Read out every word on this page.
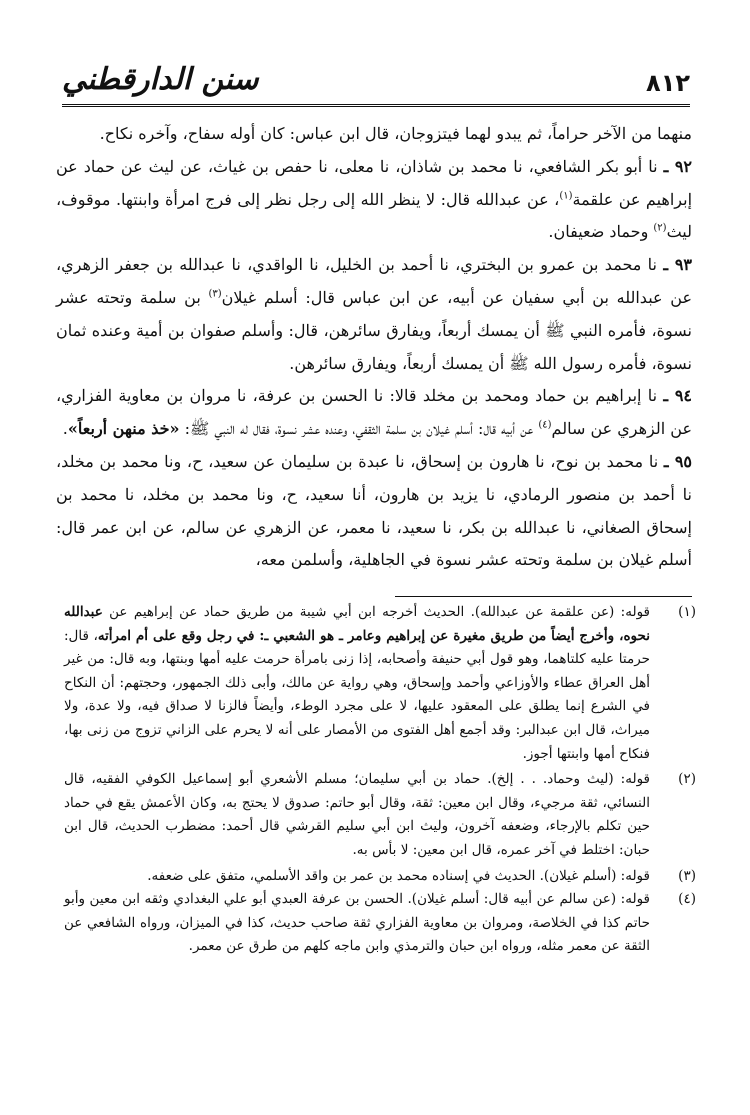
٨١٢
سنن الدارقطني

منهما من الآخر حراماً، ثم يبدو لهما فيتزوجان، قال ابن عباس: كان أوله سفاح، وآخره نكاح.

٩٢ ـ نا أبو بكر الشافعي، نا محمد بن شاذان، نا معلى، نا حفص بن غياث، عن ليث عن حماد عن إبراهيم عن علقمة$^{(١)}$، عن عبدالله قال: لا ينظر الله إلى رجل نظر إلى فرج امرأة وابنتها. موقوف، ليث$^{(٢)}$ وحماد ضعيفان.

٩٣ ـ نا محمد بن عمرو بن البختري، نا أحمد بن الخليل، نا الواقدي، نا عبدالله بن جعفر الزهري، عن عبدالله بن أبي سفيان عن أبيه، عن ابن عباس قال: أسلم غيلان$^{(٣)}$ بن سلمة وتحته عشر نسوة، فأمره النبي ﷺ أن يمسك أربعاً، ويفارق سائرهن، قال: وأسلم صفوان بن أمية وعنده ثمان نسوة، فأمره رسول الله ﷺ أن يمسك أربعاً، ويفارق سائرهن.

٩٤ ـ نا إبراهيم بن حماد ومحمد بن مخلد قالا: نا الحسن بن عرفة، نا مروان بن معاوية الفزاري، عن الزهري عن سالم$^{(٤)}$ عن أبيه قال: أسلم غيلان بن سلمة الثقفي، وعنده عشر نسوة، فقال له النبي ﷺ: «خذ منهن أربعاً».

٩٥ ـ نا محمد بن نوح، نا هارون بن إسحاق، نا عبدة بن سليمان عن سعيد، ح، ونا محمد بن مخلد، نا أحمد بن منصور الرمادي، نا يزيد بن هارون، أنا سعيد، ح، ونا محمد بن مخلد، نا محمد بن إسحاق الصغاني، نا عبدالله بن بكر، نا سعيد، نا معمر، عن الزهري عن سالم، عن ابن عمر قال: أسلم غيلان بن سلمة وتحته عشر نسوة في الجاهلية، وأسلمن معه،

(١)
قوله: (عن علقمة عن عبدالله). الحديث أخرجه ابن أبي شيبة من طريق حماد عن إبراهيم عن عبدالله نحوه، وأخرج أيضاً من طريق مغيرة عن إبراهيم وعامر ـ هو الشعبي ـ: في رجل وقع على أم امرأته، قال: حرمتا عليه كلتاهما، وهو قول أبي حنيفة وأصحابه، إذا زنى بامرأة حرمت عليه أمها وبنتها، وبه قال: من غير أهل العراق عطاء والأوزاعي وأحمد وإسحاق، وهي رواية عن مالك، وأبى ذلك الجمهور، وحجتهم: أن النكاح في الشرع إنما يطلق على المعقود عليها، لا على مجرد الوطء، وأيضاً فالزنا لا صداق فيه، ولا عدة، ولا ميراث، قال ابن عبدالبر: وقد أجمع أهل الفتوى من الأمصار على أنه لا يحرم على الزاني تزوج من زنى بها، فنكاح أمها وابنتها أجوز.
(٢)
قوله: (ليث وحماد. . . إلخ). حماد بن أبي سليمان؛ مسلم الأشعري أبو إسماعيل الكوفي الفقيه، قال النسائي، ثقة مرجيء، وقال ابن معين: ثقة، وقال أبو حاتم: صدوق لا يحتج به، وكان الأعمش يقع في حماد حين تكلم بالإرجاء، وضعفه آخرون، وليث ابن أبي سليم القرشي قال أحمد: مضطرب الحديث، قال ابن حبان: اختلط في آخر عمره، قال ابن معين: لا بأس به.
(٣)
قوله: (أسلم غيلان). الحديث في إسناده محمد بن عمر بن واقد الأسلمي، متفق على ضعفه.
(٤)
قوله: (عن سالم عن أبيه قال: أسلم غيلان). الحسن بن عرفة العبدي أبو علي البغدادي وثقه ابن معين وأبو حاتم كذا في الخلاصة، ومروان بن معاوية الفزاري ثقة صاحب حديث، كذا في الميزان، ورواه الشافعي عن الثقة عن معمر مثله، ورواه ابن حبان والترمذي وابن ماجه كلهم من طرق عن معمر.
